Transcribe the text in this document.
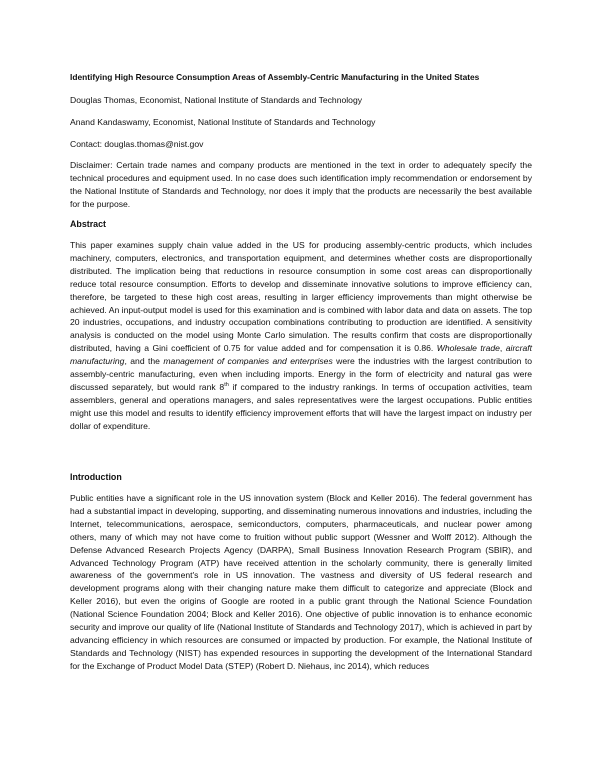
Identifying High Resource Consumption Areas of Assembly-Centric Manufacturing in the United States
Douglas Thomas, Economist, National Institute of Standards and Technology
Anand Kandaswamy, Economist, National Institute of Standards and Technology
Contact: douglas.thomas@nist.gov

Disclaimer: Certain trade names and company products are mentioned in the text in order to adequately specify the technical procedures and equipment used. In no case does such identification imply recommendation or endorsement by the National Institute of Standards and Technology, nor does it imply that the products are necessarily the best available for the purpose.

Abstract

This paper examines supply chain value added in the US for producing assembly-centric products, which includes machinery, computers, electronics, and transportation equipment, and determines whether costs are disproportionally distributed. The implication being that reductions in resource consumption in some cost areas can disproportionally reduce total resource consumption. Efforts to develop and disseminate innovative solutions to improve efficiency can, therefore, be targeted to these high cost areas, resulting in larger efficiency improvements than might otherwise be achieved. An input-output model is used for this examination and is combined with labor data and data on assets. The top 20 industries, occupations, and industry occupation combinations contributing to production are identified. A sensitivity analysis is conducted on the model using Monte Carlo simulation. The results confirm that costs are disproportionally distributed, having a Gini coefficient of 0.75 for value added and for compensation it is 0.86. Wholesale trade, aircraft manufacturing, and the management of companies and enterprises were the industries with the largest contribution to assembly-centric manufacturing, even when including imports. Energy in the form of electricity and natural gas were discussed separately, but would rank 8th if compared to the industry rankings. In terms of occupation activities, team assemblers, general and operations managers, and sales representatives were the largest occupations. Public entities might use this model and results to identify efficiency improvement efforts that will have the largest impact on industry per dollar of expenditure.

Introduction

Public entities have a significant role in the US innovation system (Block and Keller 2016). The federal government has had a substantial impact in developing, supporting, and disseminating numerous innovations and industries, including the Internet, telecommunications, aerospace, semiconductors, computers, pharmaceuticals, and nuclear power among others, many of which may not have come to fruition without public support (Wessner and Wolff 2012). Although the Defense Advanced Research Projects Agency (DARPA), Small Business Innovation Research Program (SBIR), and Advanced Technology Program (ATP) have received attention in the scholarly community, there is generally limited awareness of the government's role in US innovation. The vastness and diversity of US federal research and development programs along with their changing nature make them difficult to categorize and appreciate (Block and Keller 2016), but even the origins of Google are rooted in a public grant through the National Science Foundation (National Science Foundation 2004; Block and Keller 2016). One objective of public innovation is to enhance economic security and improve our quality of life (National Institute of Standards and Technology 2017), which is achieved in part by advancing efficiency in which resources are consumed or impacted by production. For example, the National Institute of Standards and Technology (NIST) has expended resources in supporting the development of the International Standard for the Exchange of Product Model Data (STEP) (Robert D. Niehaus, inc 2014), which reduces
